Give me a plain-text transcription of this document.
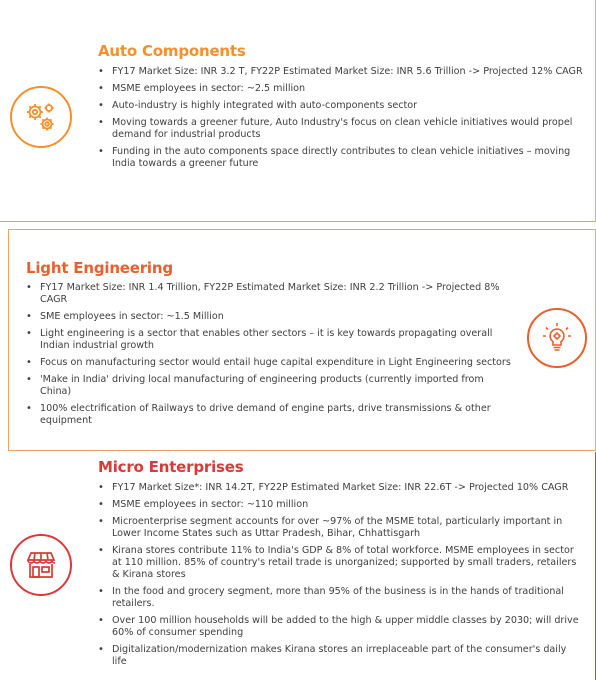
Auto Components
• FY17 Market Size: INR 3.2 T, FY22P Estimated Market Size: INR 5.6 Trillion -> Projected 12% CAGR
• MSME employees in sector: ~2.5 million
• Auto-industry is highly integrated with auto-components sector
• Moving towards a greener future, Auto Industry's focus on clean vehicle initiatives would propel demand for industrial products
• Funding in the auto components space directly contributes to clean vehicle initiatives – moving India towards a greener future
Light Engineering
• FY17 Market Size: INR 1.4 Trillion, FY22P Estimated Market Size: INR 2.2 Trillion -> Projected 8% CAGR
• SME employees in sector: ~1.5 Million
• Light engineering is a sector that enables other sectors – it is key towards propagating overall Indian industrial growth
• Focus on manufacturing sector would entail huge capital expenditure in Light Engineering sectors
• 'Make in India' driving local manufacturing of engineering products (currently imported from China)
• 100% electrification of Railways to drive demand of engine parts, drive transmissions & other equipment
Micro Enterprises
• FY17 Market Size*: INR 14.2T, FY22P Estimated Market Size: INR 22.6T -> Projected 10% CAGR
• MSME employees in sector: ~110 million
• Microenterprise segment accounts for over ~97% of the MSME total, particularly important in Lower Income States such as Uttar Pradesh, Bihar, Chhattisgarh
• Kirana stores contribute 11% to India's GDP & 8% of total workforce. MSME employees in sector at 110 million. 85% of country's retail trade is unorganized; supported by small traders, retailers & Kirana stores
• In the food and grocery segment, more than 95% of the business is in the hands of traditional retailers.
• Over 100 million households will be added to the high & upper middle classes by 2030; will drive 60% of consumer spending
• Digitalization/modernization makes Kirana stores an irreplaceable part of the consumer's daily life
